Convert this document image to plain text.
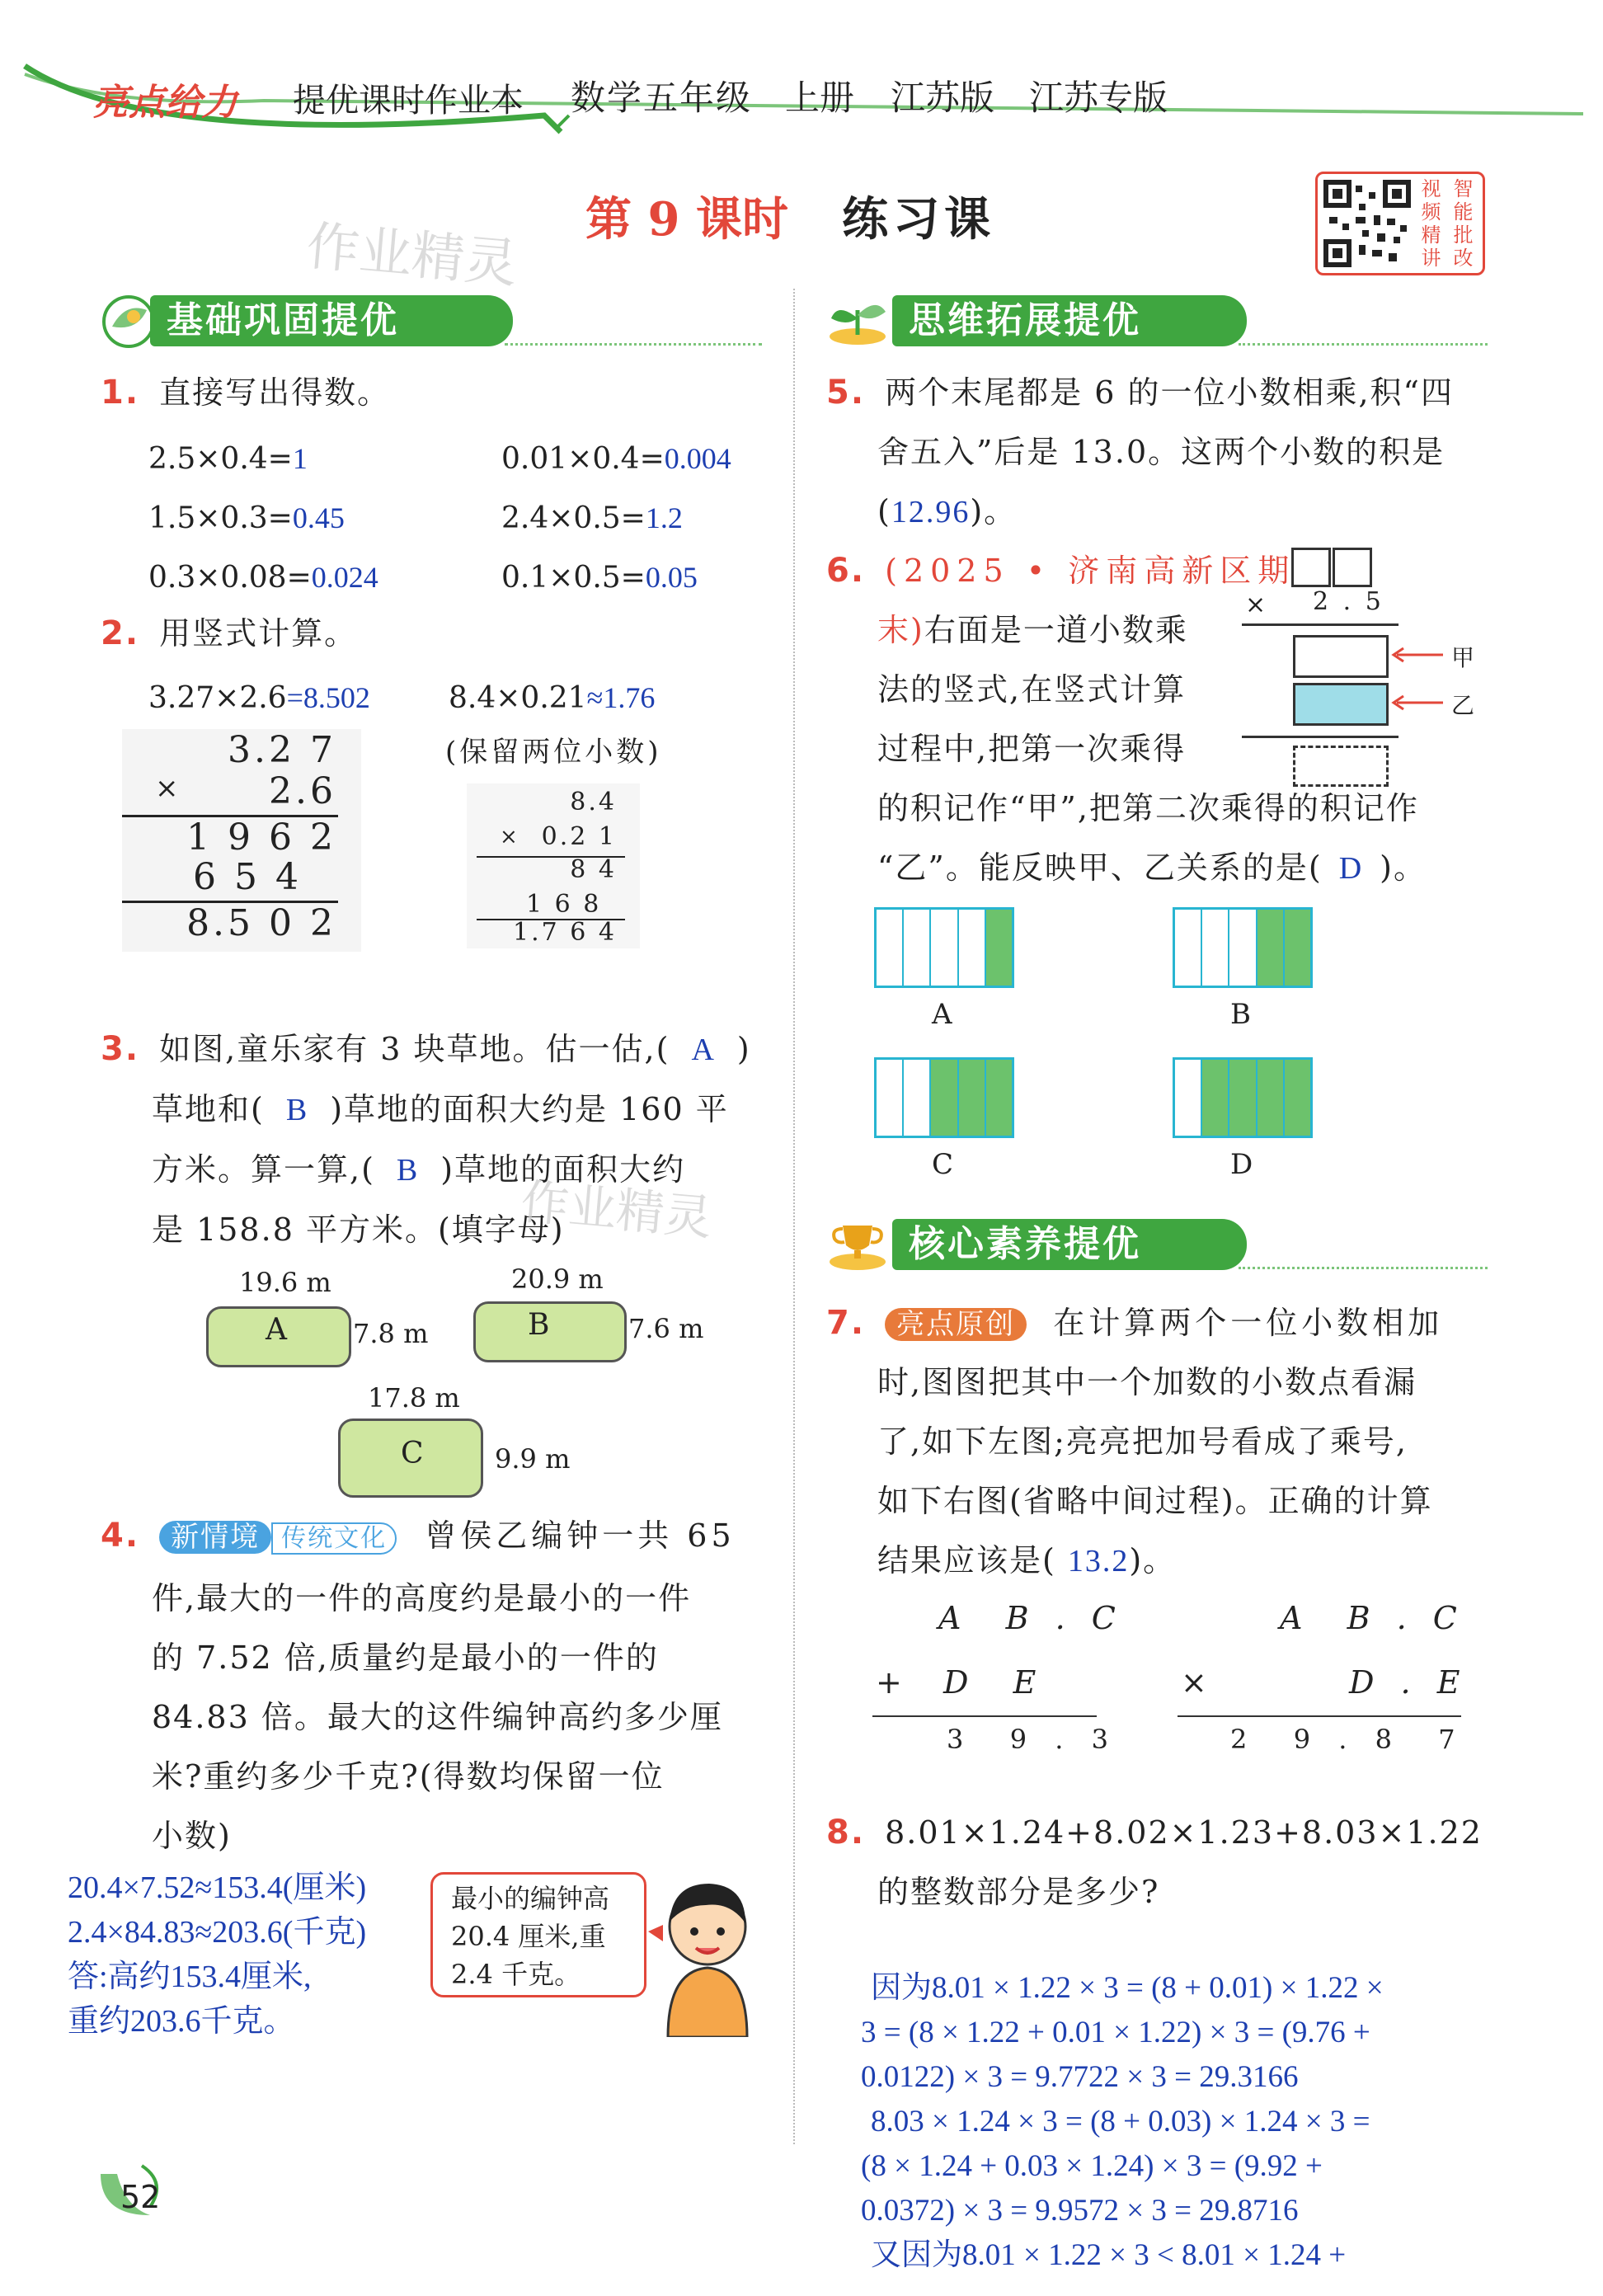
亮点给力 提优课时作业本 数学五年级 上册 江苏版 江苏专版
第 9 课时 练习课
作业精灵
视 智
频 能
精 批
讲 改
基础巩固提优
1. 直接写出得数。
2.5×0.4=1	0.01×0.4=0.004
1.5×0.3=0.45	2.4×0.5=1.2
0.3×0.08=0.024	0.1×0.5=0.05
2. 用竖式计算。
3.27×2.6=8.502	8.4×0.21≈1.76
(保留两位小数)
3.2 7
× 2.6
1 9 6 2
6 5 4
8.5 0 2
8.4
× 0.2 1
8 4
1 6 8
1.7 6 4
3. 如图,童乐家有 3 块草地。估一估,( A )
草地和( B )草地的面积大约是 160 平
方米。算一算,( B )草地的面积大约
是 158.8 平方米。(填字母)
作业精灵
19.6 m
A	7.8 m
20.9 m
B	7.6 m
17.8 m
C	9.9 m
4. 新情境 传统文化 曾侯乙编钟一共 65
件,最大的一件的高度约是最小的一件
的 7.52 倍,质量约是最小的一件的
84.83 倍。最大的这件编钟高约多少厘
米?重约多少千克?(得数均保留一位
小数)
20.4×7.52≈153.4(厘米)
2.4×84.83≈203.6(千克)
答:高约153.4厘米,
重约203.6千克。
最小的编钟高
20.4 厘米,重
2.4 千克。
52
思维拓展提优
5. 两个末尾都是 6 的一位小数相乘,积“四
舍五入”后是 13.0。这两个小数的积是
(12.96)。
6. (2025 • 济南高新区期
末)右面是一道小数乘
法的竖式,在竖式计算
过程中,把第一次乘得
的积记作“甲”,把第二次乘得的积记作
“乙”。能反映甲、乙关系的是( D )。
× 2 . 5
甲
乙
A	B
C	D
核心素养提优
7. 亮点原创 在计算两个一位小数相加
时,图图把其中一个加数的小数点看漏
了,如下左图;亮亮把加号看成了乘号,
如下右图(省略中间过程)。正确的计算
结果应该是( 13.2)。
A  B . C
+ D  E
3  9 . 3
A  B . C
×	D . E
2  9 . 8  7
8. 8.01×1.24+8.02×1.23+8.03×1.22
的整数部分是多少?
因为8.01 × 1.22 × 3 = (8 + 0.01) × 1.22 ×
3 = (8 × 1.22 + 0.01 × 1.22) × 3 = (9.76 +
0.0122) × 3 = 9.7722 × 3 = 29.3166
8.03 × 1.24 × 3 = (8 + 0.03) × 1.24 × 3 =
(8 × 1.24 + 0.03 × 1.24) × 3 = (9.92 +
0.0372) × 3 = 9.9572 × 3 = 29.8716
又因为8.01 × 1.22 × 3 < 8.01 × 1.24 +
